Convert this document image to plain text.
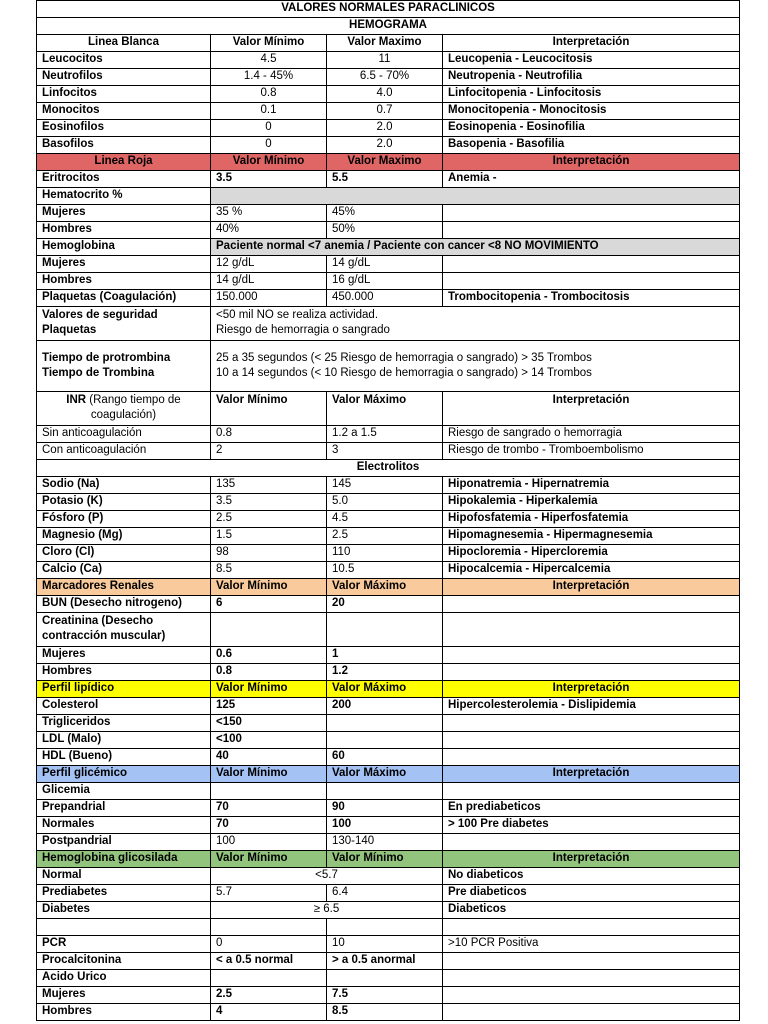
VALORES NORMALES PARACLINICOS			
HEMOGRAMA			
Linea Blanca	Valor Mínimo	Valor Maximo	Interpretación
Leucocitos	4.5	11	Leucopenia - Leucocitosis
Neutrofilos	1.4 - 45%	6.5 - 70%	Neutropenia - Neutrofilia
Linfocitos	0.8	4.0	Linfocitopenia - Linfocitosis
Monocitos	0.1	0.7	Monocitopenia - Monocitosis
Eosinofilos	0	2.0	Eosinopenia - Eosinofilia
Basofilos	0	2.0	Basopenia - Basofilia
Linea Roja	Valor Mínimo	Valor Maximo	Interpretación
Eritrocitos	3.5	5.5	Anemia -
Hematocrito %			
Mujeres	35 %	45%	
Hombres	40%	50%	
Hemoglobina	Paciente normal <7 anemia / Paciente con cancer <8 NO MOVIMIENTO		
Mujeres	12 g/dL	14 g/dL	
Hombres	14 g/dL	16 g/dL	
Plaquetas (Coagulación)	150.000	450.000	Trombocitopenia - Trombocitosis
Valores de seguridad
Plaquetas	<50 mil NO se realiza actividad.
Riesgo de hemorragia o sangrado		
Tiempo de protrombina
Tiempo de Trombina	25 a 35 segundos (< 25 Riesgo de hemorragia o sangrado) > 35 Trombos
10 a 14 segundos (< 10 Riesgo de hemorragia o sangrado) > 14 Trombos		
INR (Rango tiempo de coagulación)	Valor Mínimo	Valor Máximo	Interpretación
Sin anticoagulación	0.8	1.2 a 1.5	Riesgo de sangrado o hemorragia
Con anticoagulación	2	3	Riesgo de trombo - Tromboembolismo
Electrolitos			
Sodio (Na)	135	145	Hiponatremia - Hipernatremia
Potasio (K)	3.5	5.0	Hipokalemia - Hiperkalemia
Fósforo (P)	2.5	4.5	Hipofosfatemia - Hiperfosfatemia
Magnesio (Mg)	1.5	2.5	Hipomagnesemia - Hipermagnesemia
Cloro (Cl)	98	110	Hipocloremia - Hipercloremia
Calcio (Ca)	8.5	10.5	Hipocalcemia - Hipercalcemia
Marcadores Renales	Valor Mínimo	Valor Máximo	Interpretación
BUN (Desecho nitrogeno)	6	20	
Creatinina (Desecho contracción muscular)			
Mujeres	0.6	1	
Hombres	0.8	1.2	
Perfil lipídico	Valor Mínimo	Valor Máximo	Interpretación
Colesterol	125	200	Hipercolesterolemia - Dislipidemia
Trigliceridos	<150		
LDL (Malo)	<100		
HDL (Bueno)	40	60	
Perfil glicémico	Valor Mínimo	Valor Máximo	Interpretación
Glicemia			
Prepandrial	70	90	En prediabeticos
Normales	70	100	> 100 Pre diabetes
Postpandrial	100	130-140	
Hemoglobina glicosilada	Valor Mínimo	Valor Mínimo	Interpretación
Normal	<5.7		No diabeticos
Prediabetes	5.7	6.4	Pre diabeticos
Diabetes	≥ 6.5		Diabeticos

PCR	0	10	>10 PCR Positiva
Procalcitonina	< a 0.5 normal	> a 0.5 anormal	
Acido Urico			
Mujeres	2.5	7.5	
Hombres	4	8.5	
